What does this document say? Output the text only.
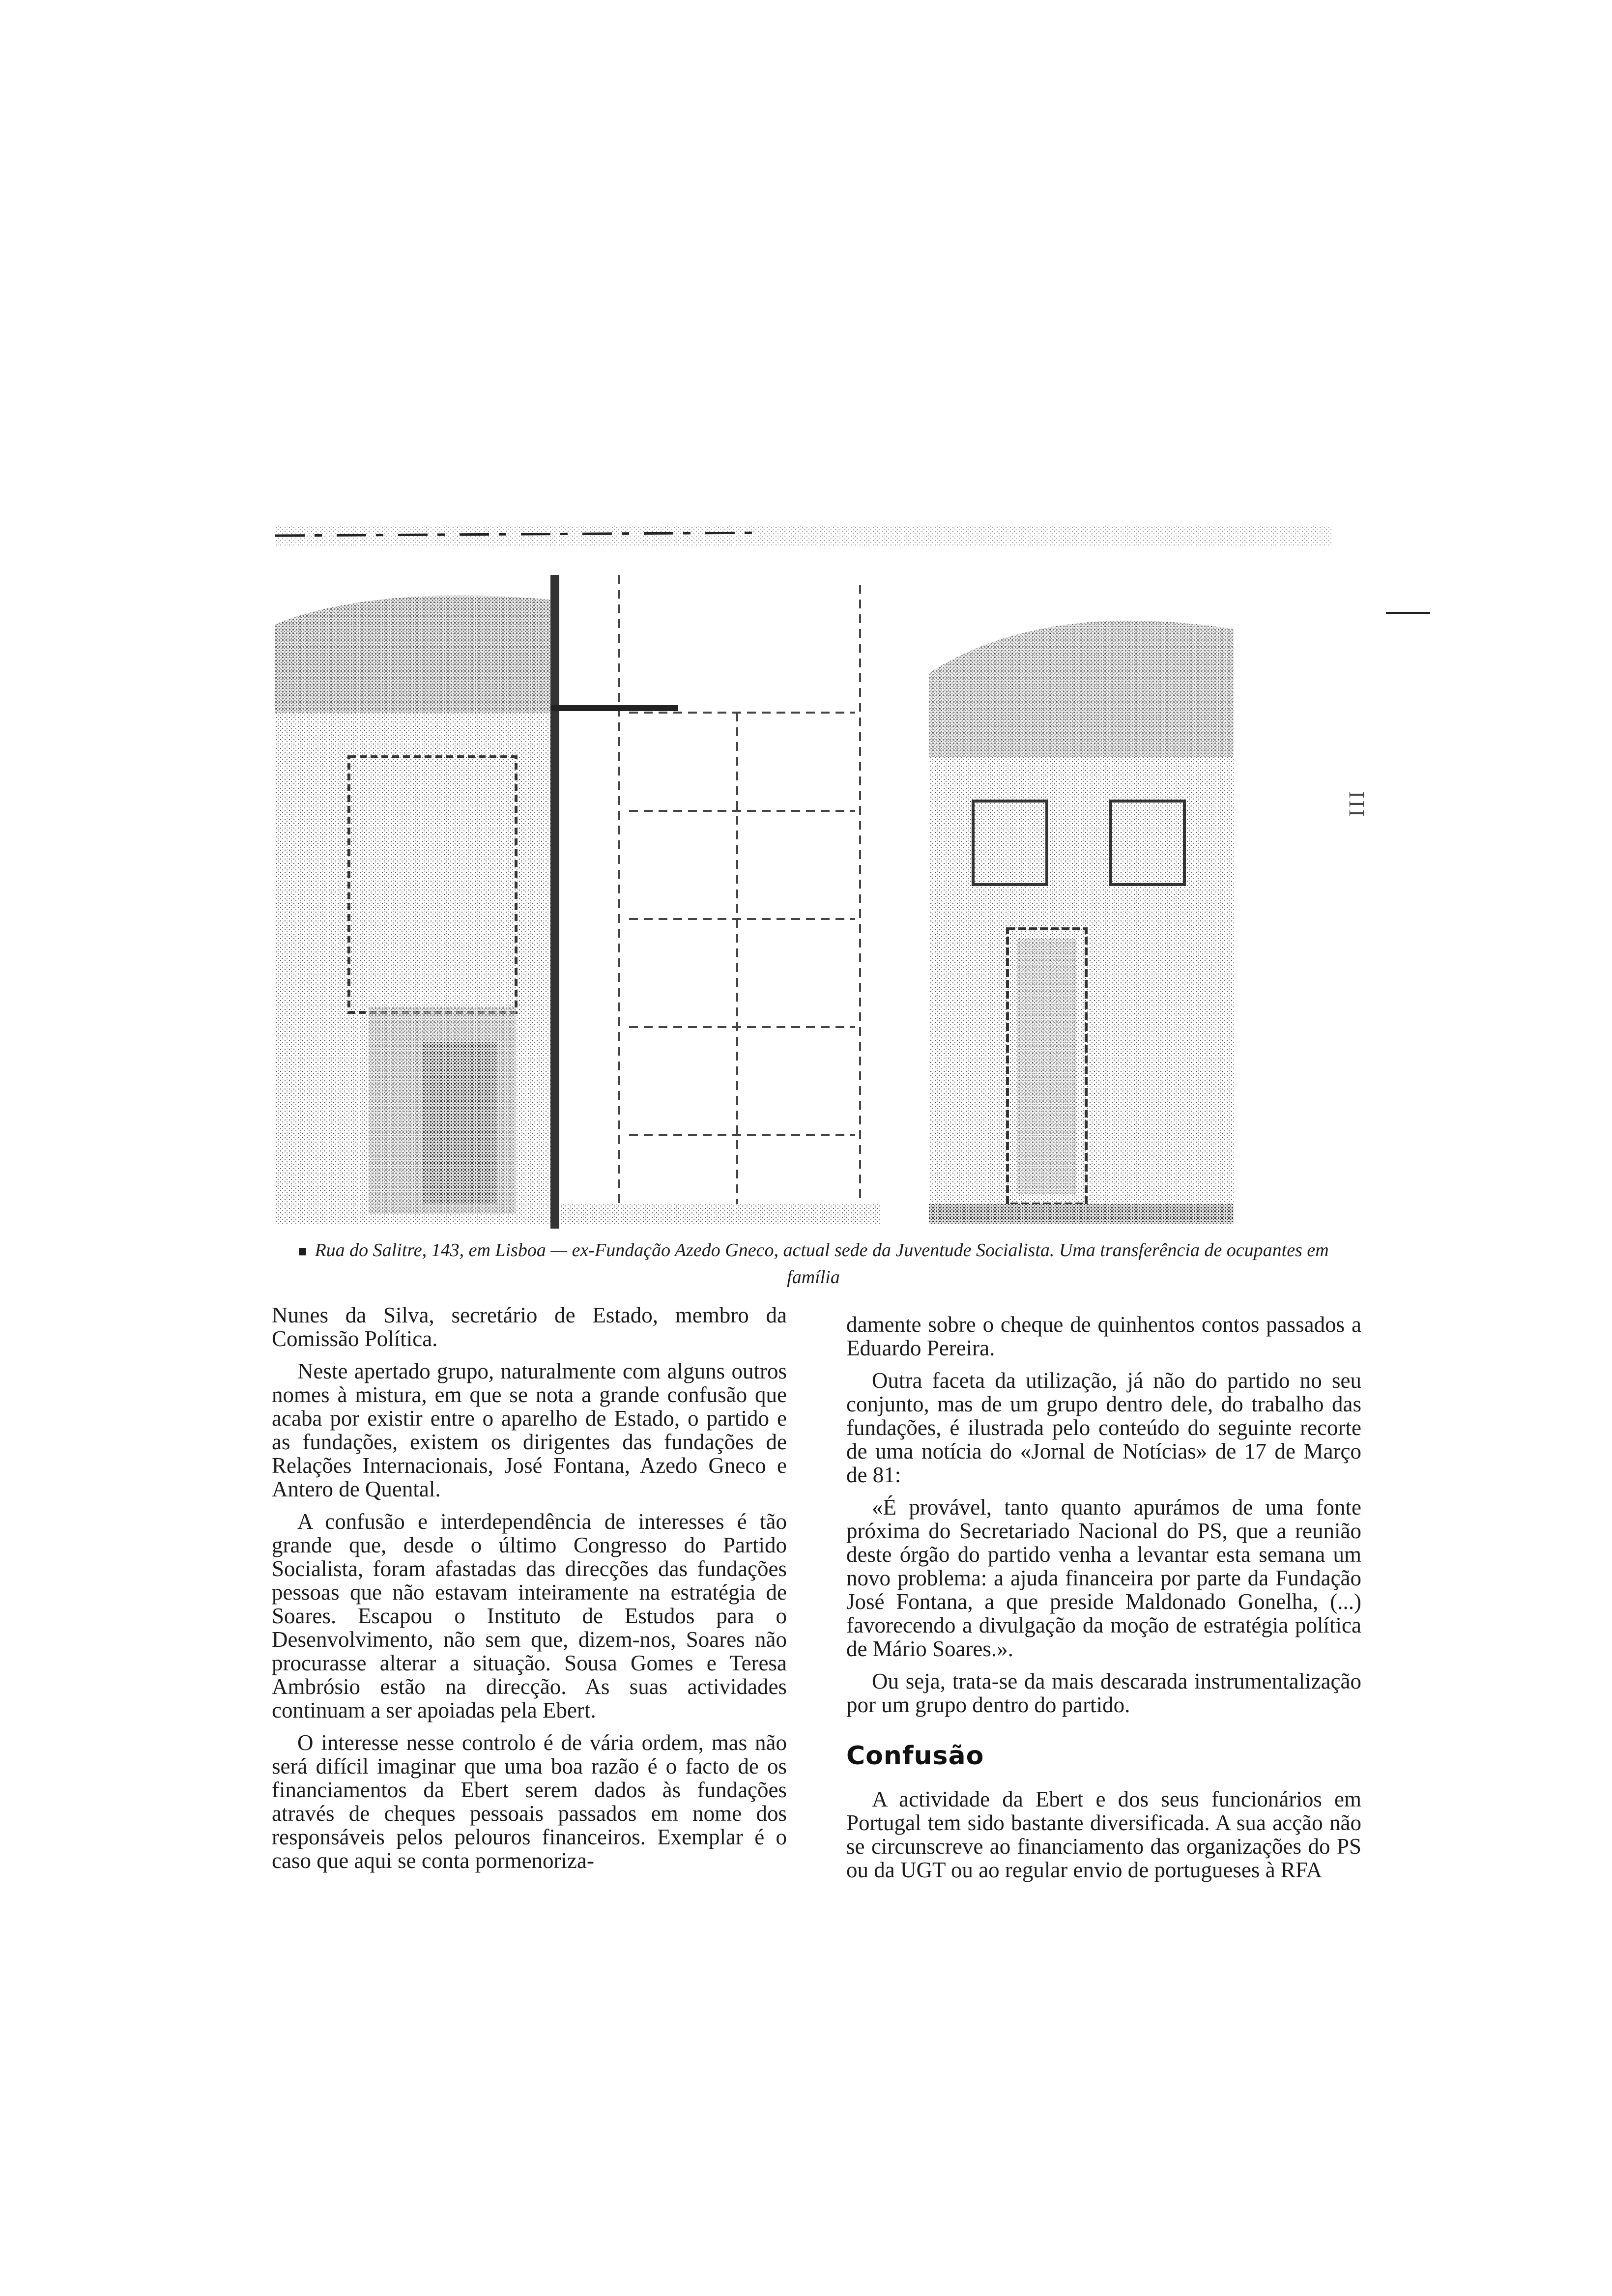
III
■ Rua do Salitre, 143, em Lisboa — ex-Fundação Azedo Gneco, actual sede da Juventude Socialista. Uma transferência de ocupantes em família

Nunes da Silva, secretário de Estado, membro da Comissão Política.

Neste apertado grupo, naturalmente com alguns outros nomes à mistura, em que se nota a grande confusão que acaba por existir entre o aparelho de Estado, o partido e as fundações, existem os dirigentes das fundações de Relações Internacionais, José Fontana, Azedo Gneco e Antero de Quental.

A confusão e interdependência de interesses é tão grande que, desde o último Congresso do Partido Socialista, foram afastadas das direcções das fundações pessoas que não estavam inteiramente na estratégia de Soares. Escapou o Instituto de Estudos para o Desenvolvimento, não sem que, dizem-nos, Soares não procurasse alterar a situação. Sousa Gomes e Teresa Ambrósio estão na direcção. As suas actividades continuam a ser apoiadas pela Ebert.

O interesse nesse controlo é de vária ordem, mas não será difícil imaginar que uma boa razão é o facto de os financiamentos da Ebert serem dados às fundações através de cheques pessoais passados em nome dos responsáveis pelos pelouros financeiros. Exemplar é o caso que aqui se conta pormenoriza-

damente sobre o cheque de quinhentos contos passados a Eduardo Pereira.

Outra faceta da utilização, já não do partido no seu conjunto, mas de um grupo dentro dele, do trabalho das fundações, é ilustrada pelo conteúdo do seguinte recorte de uma notícia do «Jornal de Notícias» de 17 de Março de 81:

«É provável, tanto quanto apurámos de uma fonte próxima do Secretariado Nacional do PS, que a reunião deste órgão do partido venha a levantar esta semana um novo problema: a ajuda financeira por parte da Fundação José Fontana, a que preside Maldonado Gonelha, (...) favorecendo a divulgação da moção de estratégia política de Mário Soares.».

Ou seja, trata-se da mais descarada instrumentalização por um grupo dentro do partido.

Confusão

A actividade da Ebert e dos seus funcionários em Portugal tem sido bastante diversificada. A sua acção não se circunscreve ao financiamento das organizações do PS ou da UGT ou ao regular envio de portugueses à RFA
